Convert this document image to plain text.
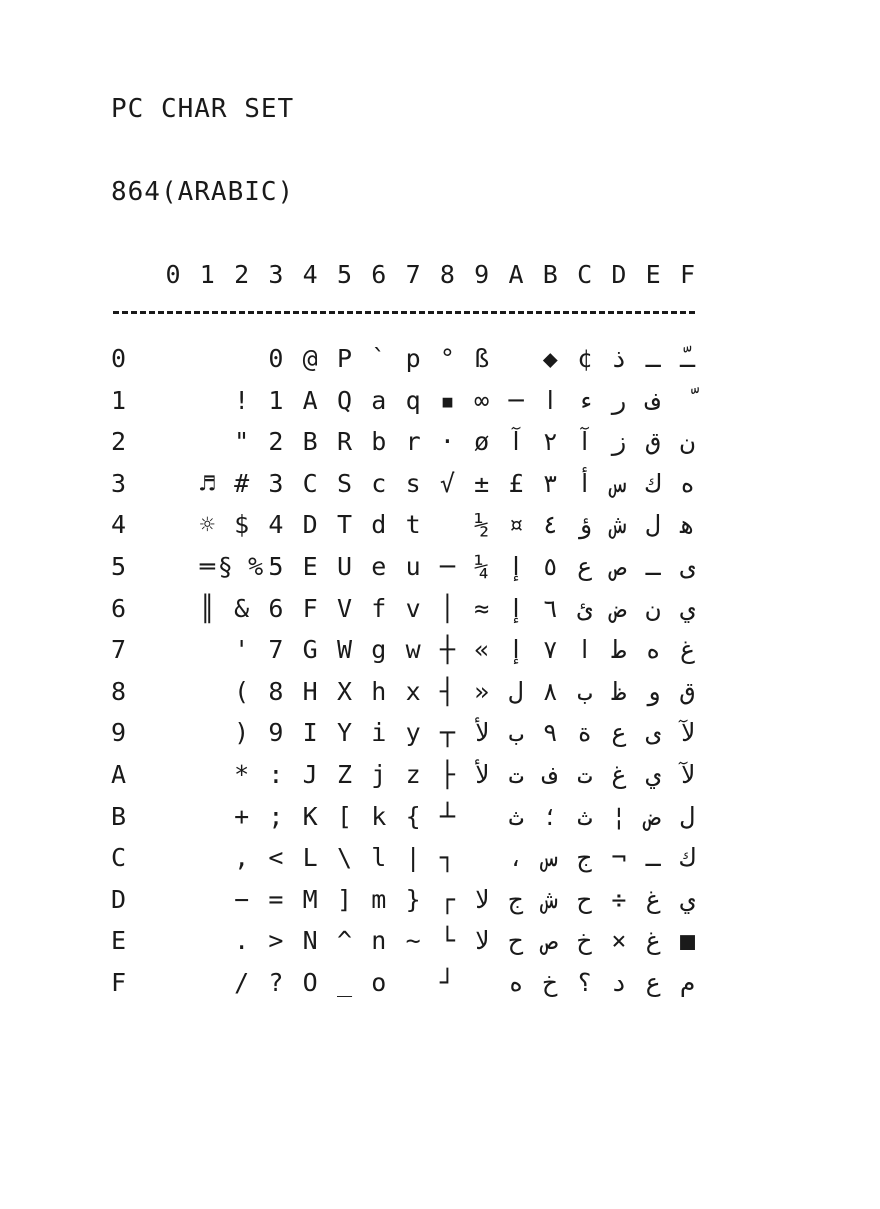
PC CHAR SET
864(ARABIC)
0 1 2 3 4 5 6 7 8 9 A B C D E F
0
1
2
3
4
5
6
7
8
9
A
B
C
D
E
F
♬
☼
═
║
§
!
"
#
$
%
&
'
(
)
*
+
,
−
.
/
0
1
2
3
4
5
6
7
8
9
:
;
<
=
>
?
@
A
B
C
D
E
F
G
H
I
J
K
L
M
N
O
P
Q
R
S
T
U
V
W
X
Y
Z
[
\
]
^
_
`
a
b
c
d
e
f
g
h
i
j
k
l
m
n
o
p
q
r
s
t
u
v
w
x
y
z
{
|
}
~
°
▪
·
√
─
│
┼
┤
┬
├
┴
┐
┌
└
┘
ß
∞
ø
±
½
¼
≈
«
»
ﻷ
ﻷ
ﻻ
ﻻ
─
آ
£
¤
إ
إ
إ
ل
ب
ت
ث
،
ج
ح
ﻩ
◆
ا
٢
٣
٤
٥
٦
٧
٨
٩
ف
؛
س
ش
ص
خ
¢
ء
آ
أ
ؤ
ع
ئ
ا
ب
ة
ت
ث
ج
ح
خ
؟
ذ
ر
ز
س
ش
ص
ض
ط
ظ
ع
غ
¦
¬
÷
×
د
ـ
ف
ق
ك
ل
ـ
ن
ه
و
ى
ي
ض
ـ
غ
غ
ع
ـّ
ن
ه
ﻫ
ى
ي
غ
ق
ﻵ
ﻵ
ل
ك
ي
■
م
